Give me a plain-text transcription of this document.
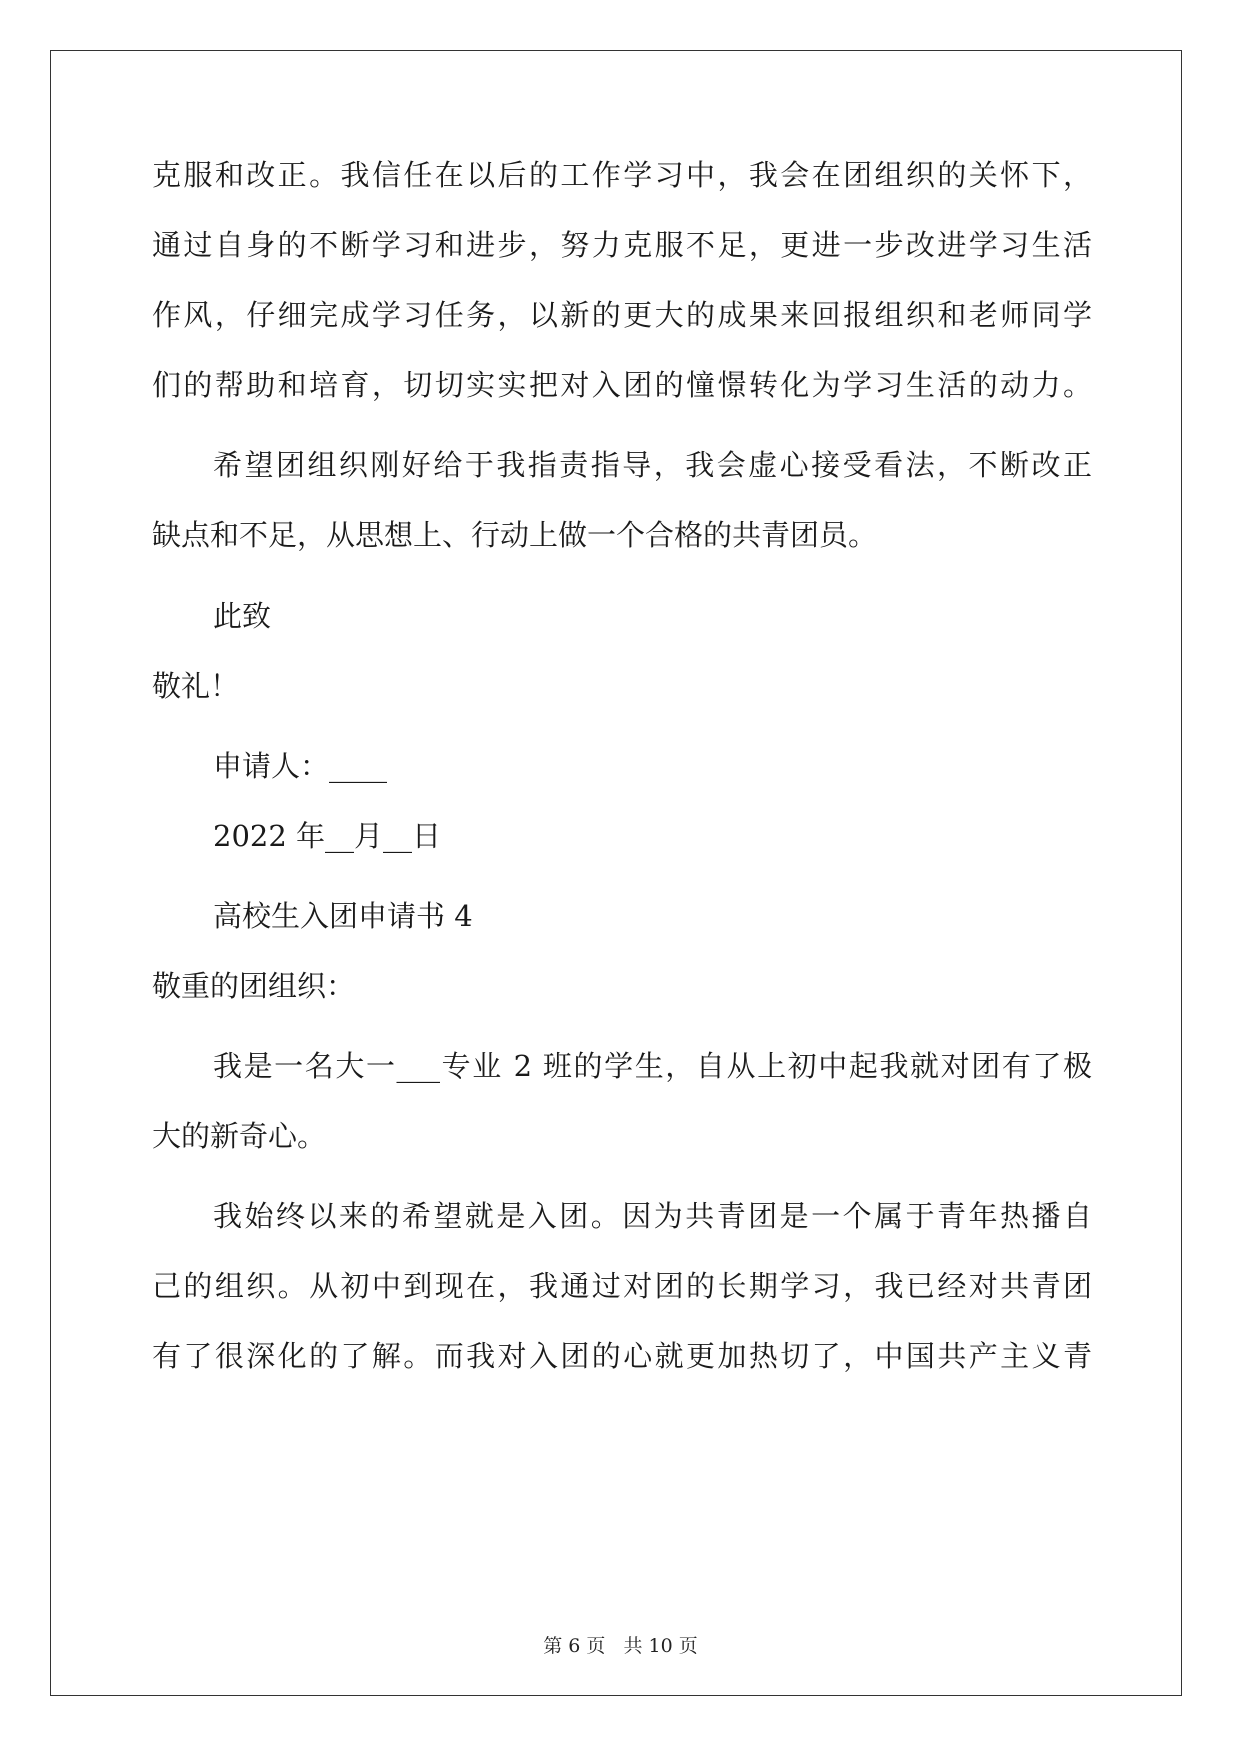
克服和改正。我信任在以后的工作学习中，我会在团组织的关怀下，
通过自身的不断学习和进步，努力克服不足，更进一步改进学习生活
作风，仔细完成学习任务，以新的更大的成果来回报组织和老师同学
们的帮助和培育，切切实实把对入团的憧憬转化为学习生活的动力。
希望团组织刚好给于我指责指导，我会虚心接受看法，不断改正
缺点和不足，从思想上、行动上做一个合格的共青团员。
此致
敬礼！
申请人：____
2022 年__月__日
高校生入团申请书 4
敬重的团组织：
我是一名大一___专业 2 班的学生，自从上初中起我就对团有了极
大的新奇心。
我始终以来的希望就是入团。因为共青团是一个属于青年热播自
己的组织。从初中到现在，我通过对团的长期学习，我已经对共青团
有了很深化的了解。而我对入团的心就更加热切了，中国共产主义青
第 6 页 共 10 页
